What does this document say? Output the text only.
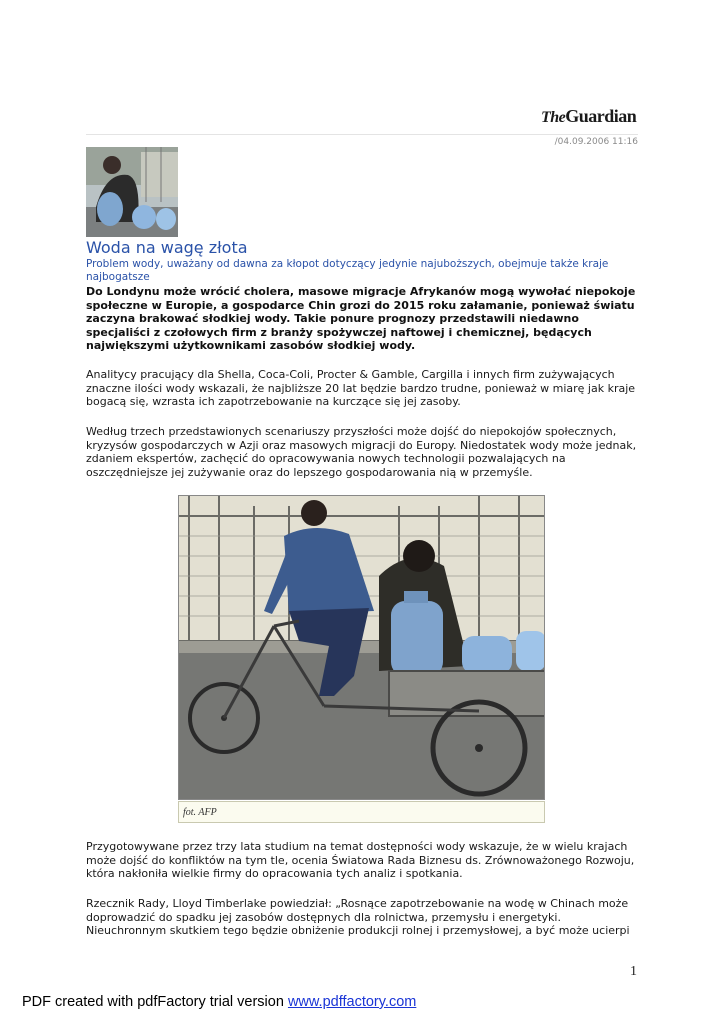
TheGuardian
/04.09.2006 11:16
Woda na wagę złota
Problem wody, uważany od dawna za kłopot dotyczący jedynie najuboższych, obejmuje także kraje najbogatsze
Do Londynu może wrócić cholera, masowe migracje Afrykanów mogą wywołać niepokoje społeczne w Europie, a gospodarce Chin grozi do 2015 roku załamanie, ponieważ światu zaczyna brakować słodkiej wody. Takie ponure prognozy przedstawili niedawno specjaliści z czołowych firm z branży spożywczej naftowej i chemicznej, będących największymi użytkownikami zasobów słodkiej wody.
Analitycy pracujący dla Shella, Coca-Coli, Procter & Gamble, Cargilla i innych firm zużywających znaczne ilości wody wskazali, że najbliższe 20 lat będzie bardzo trudne, ponieważ w miarę jak kraje bogacą się, wzrasta ich zapotrzebowanie na kurczące się jej zasoby.
Według trzech przedstawionych scenariuszy przyszłości może dojść do niepokojów społecznych, kryzysów gospodarczych w Azji oraz masowych migracji do Europy. Niedostatek wody może jednak, zdaniem ekspertów, zachęcić do opracowywania nowych technologii pozwalających na oszczędniejsze jej zużywanie oraz do lepszego gospodarowania nią w przemyśle.
fot. AFP
Przygotowywane przez trzy lata studium na temat dostępności wody wskazuje, że w wielu krajach może dojść do konfliktów na tym tle, ocenia Światowa Rada Biznesu ds. Zrównoważonego Rozwoju, która nakłoniła wielkie firmy do opracowania tych analiz i spotkania.
Rzecznik Rady, Lloyd Timberlake powiedział: „Rosnące zapotrzebowanie na wodę w Chinach może doprowadzić do spadku jej zasobów dostępnych dla rolnictwa, przemysłu i energetyki. Nieuchronnym skutkiem tego będzie obniżenie produkcji rolnej i przemysłowej, a być może ucierpi
1
PDF created with pdfFactory trial version www.pdffactory.com
